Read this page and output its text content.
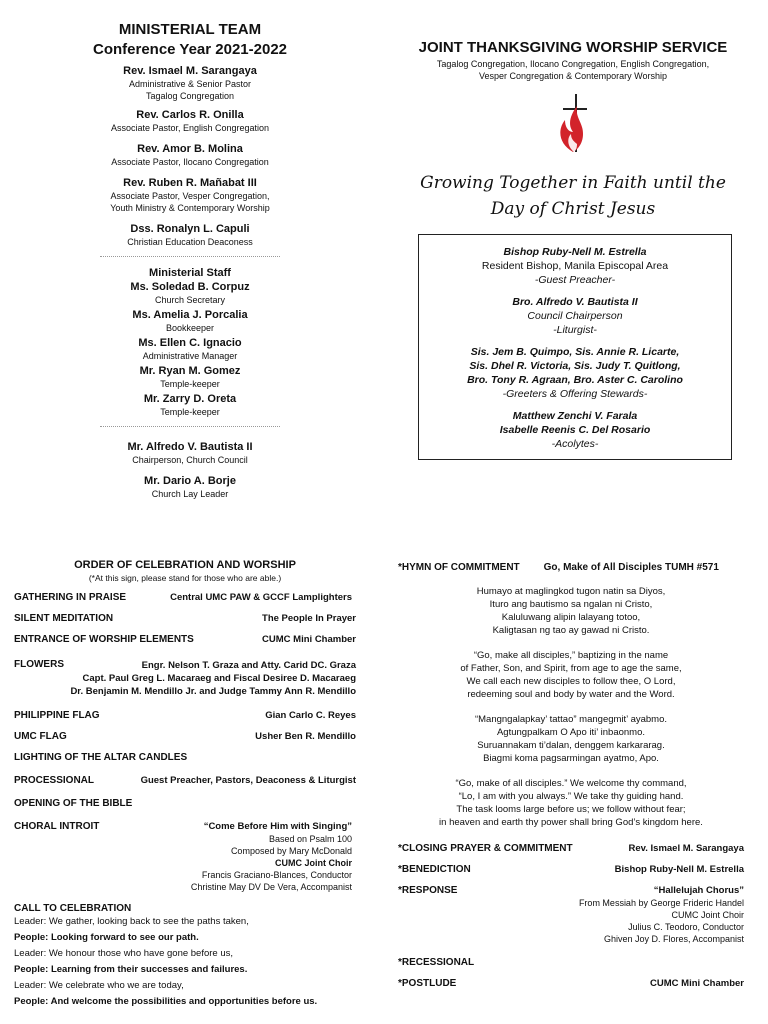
MINISTERIAL TEAM
Conference Year 2021-2022
Rev. Ismael M. Sarangaya
Administrative & Senior Pastor
Tagalog Congregation
Rev. Carlos R. Onilla
Associate Pastor, English Congregation
Rev. Amor B. Molina
Associate Pastor, Ilocano Congregation
Rev. Ruben R. Mañabat III
Associate Pastor, Vesper Congregation,
Youth Ministry & Contemporary Worship
Dss. Ronalyn L. Capuli
Christian Education Deaconess
Ministerial Staff
Ms. Soledad B. Corpuz
Church Secretary
Ms. Amelia J. Porcalia
Bookkeeper
Ms. Ellen C. Ignacio
Administrative Manager
Mr. Ryan M. Gomez
Temple-keeper
Mr. Zarry D. Oreta
Temple-keeper
Mr. Alfredo V. Bautista II
Chairperson, Church Council
Mr. Dario A. Borje
Church Lay Leader
JOINT THANKSGIVING WORSHIP SERVICE
Tagalog Congregation, Ilocano Congregation, English Congregation,
Vesper Congregation & Contemporary Worship
Growing Together in Faith until the
Day of Christ Jesus
Bishop Ruby-Nell M. Estrella
Resident Bishop, Manila Episcopal Area
-Guest Preacher-
Bro. Alfredo V. Bautista II
Council Chairperson
-Liturgist-
Sis. Jem B. Quimpo, Sis. Annie R. Licarte,
Sis. Dhel R. Victoria, Sis. Judy T. Quitlong,
Bro. Tony R. Agraan, Bro. Aster C. Carolino
-Greeters & Offering Stewards-
Matthew Zenchi V. Farala
Isabelle Reenis C. Del Rosario
-Acolytes-
ORDER OF CELEBRATION AND WORSHIP
(*At this sign, please stand for those who are able.)
GATHERING IN PRAISE	Central UMC PAW & GCCF Lamplighters
SILENT MEDITATION	The People In Prayer
ENTRANCE OF WORSHIP ELEMENTS	CUMC Mini Chamber
FLOWERS	Engr. Nelson T. Graza and Atty. Carid DC. Graza
Capt. Paul Greg L. Macaraeg and Fiscal Desiree D. Macaraeg
Dr. Benjamin M. Mendillo Jr. and Judge Tammy Ann R. Mendillo
PHILIPPINE FLAG	Gian Carlo C. Reyes
UMC FLAG	Usher Ben R. Mendillo
LIGHTING OF THE ALTAR CANDLES
PROCESSIONAL	Guest Preacher, Pastors, Deaconess & Liturgist
OPENING OF THE BIBLE
CHORAL INTROIT	“Come Before Him with Singing”
Based on Psalm 100
Composed by Mary McDonald
CUMC Joint Choir
Francis Graciano-Blances, Conductor
Christine May DV De Vera, Accompanist
CALL TO CELEBRATION
Leader: We gather, looking back to see the paths taken,
People: Looking forward to see our path.
Leader: We honour those who have gone before us,
People: Learning from their successes and failures.
Leader: We celebrate who we are today,
People: And welcome the possibilities and opportunities before us.
*HYMN OF COMMITMENT Go, Make of All Disciples TUMH #571
Humayo at maglingkod tugon natin sa Diyos,
Ituro ang bautismo sa ngalan ni Cristo,
Kaluluwang alipin lalayang totoo,
Kaligtasan ng tao ay gawad ni Cristo.
“Go, make all disciples,” baptizing in the name
of Father, Son, and Spirit, from age to age the same,
We call each new disciples to follow thee, O Lord,
redeeming soul and body by water and the Word.
“Mangngalapkay’ tattao” mangegmit’ ayabmo.
Agtungpalkam O Apo iti’ inbaonmo.
Suruannakam ti’dalan, denggem karkararag.
Biagmi koma pagsarmingan ayatmo, Apo.
“Go, make of all disciples.” We welcome thy command,
“Lo, I am with you always.” We take thy guiding hand.
The task looms large before us; we follow without fear;
in heaven and earth thy power shall bring God’s kingdom here.
*CLOSING PRAYER & COMMITMENT	Rev. Ismael M. Sarangaya
*BENEDICTION	Bishop Ruby-Nell M. Estrella
*RESPONSE	“Hallelujah Chorus”
From Messiah by George Frideric Handel
CUMC Joint Choir
Julius C. Teodoro, Conductor
Ghiven Joy D. Flores, Accompanist
*RECESSIONAL
*POSTLUDE	CUMC Mini Chamber
